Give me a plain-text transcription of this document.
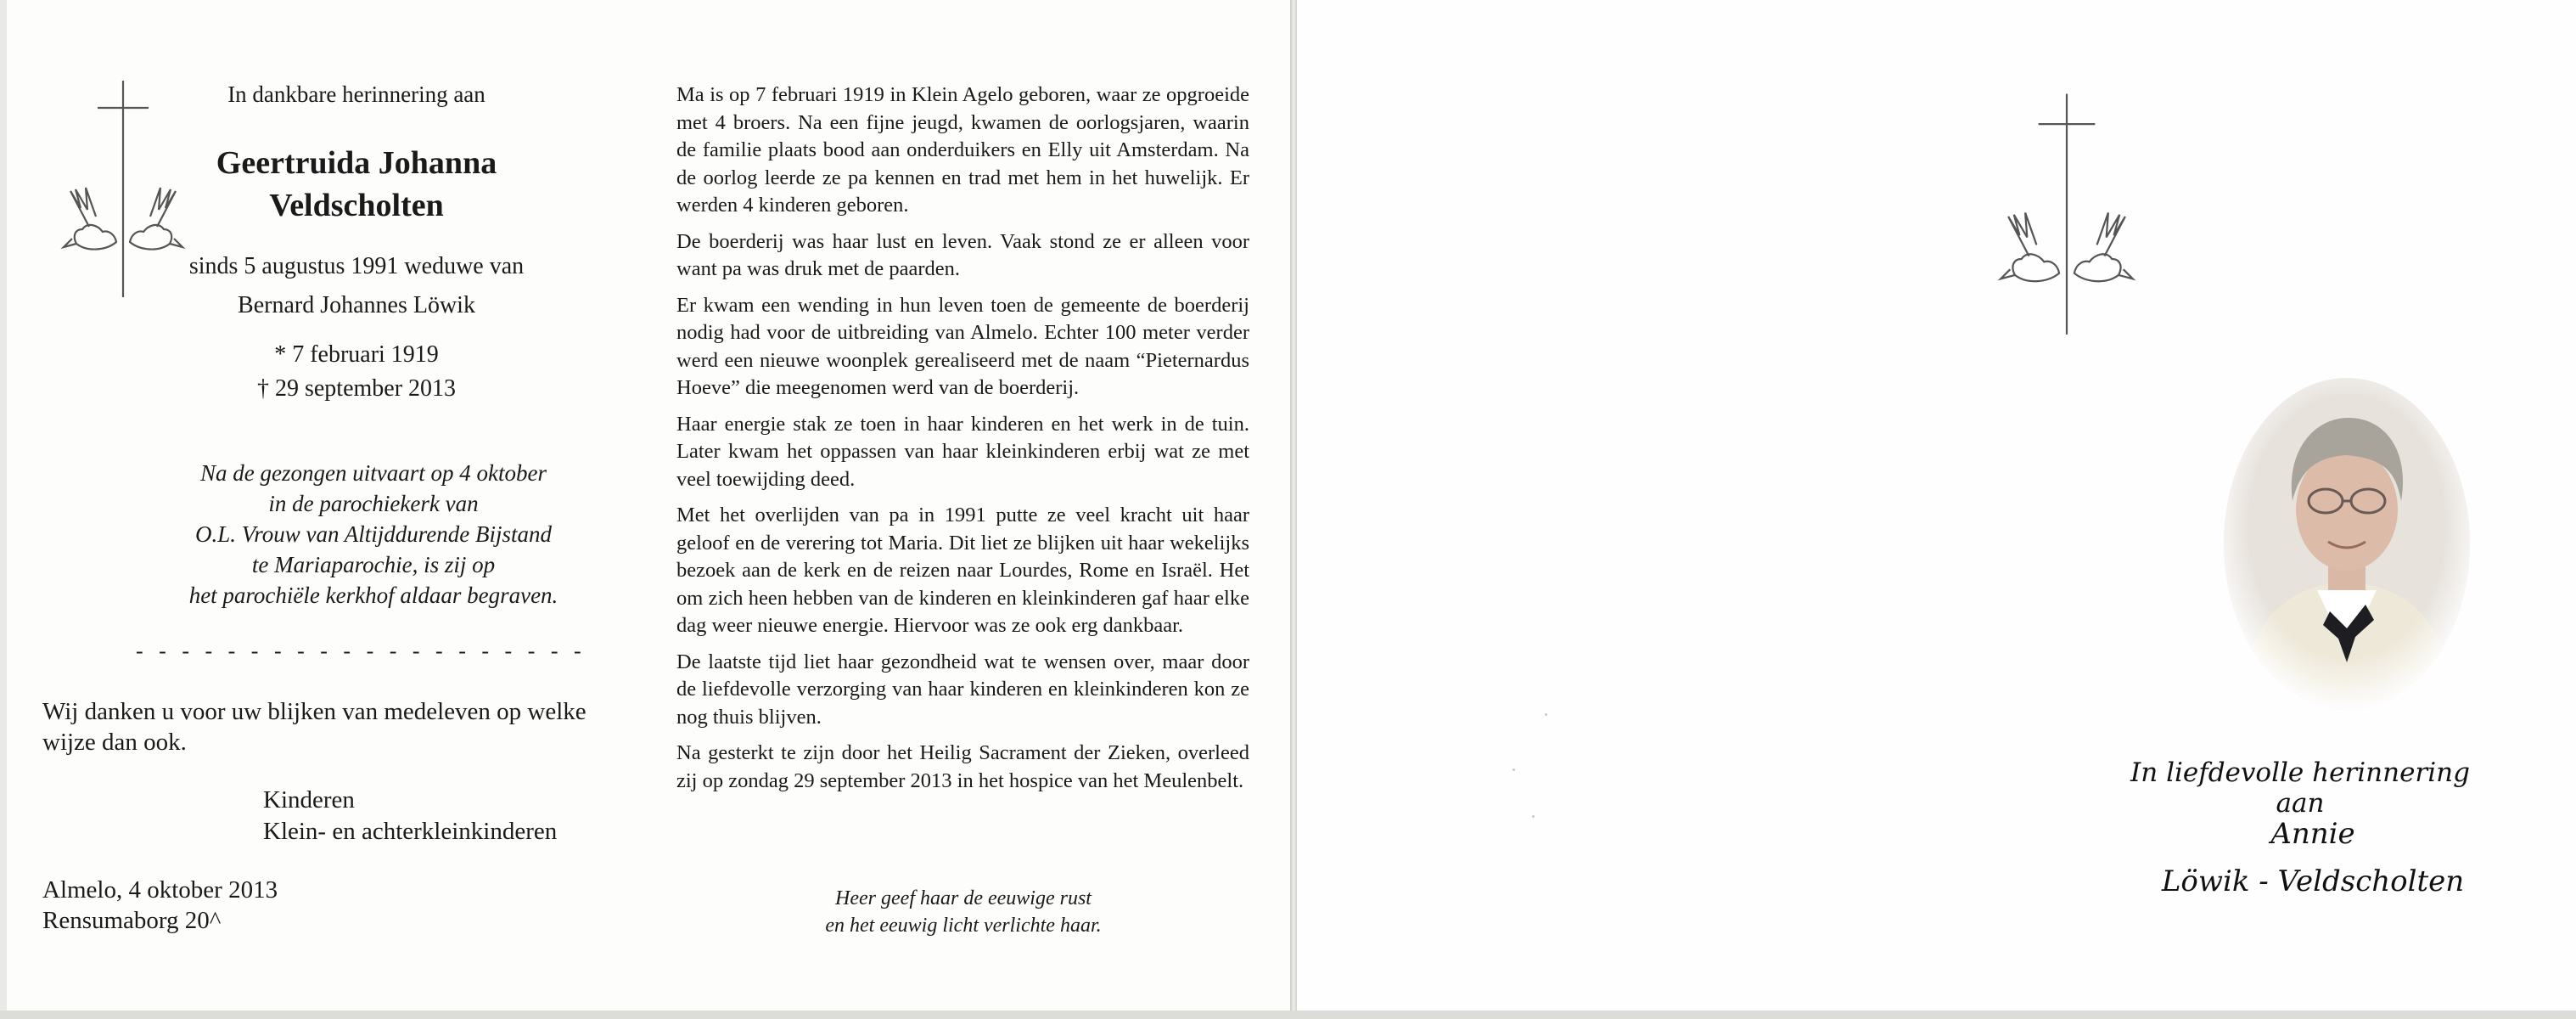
In dankbare herinnering aan
Geertruida Johanna
Veldscholten
sinds 5 augustus 1991 weduwe van
Bernard Johannes Löwik
* 7 februari 1919
† 29 september 2013
Na de gezongen uitvaart op 4 oktober
in de parochiekerk van
O.L. Vrouw van Altijddurende Bijstand
te Mariaparochie, is zij op
het parochiële kerkhof aldaar begraven.
- - - - - - - - - - - - - - - - - - - -
Wij danken u voor uw blijken van medeleven op welke wijze dan ook.
Kinderen
Klein- en achterkleinkinderen
Almelo, 4 oktober 2013
Rensumaborg 20^

Ma is op 7 februari 1919 in Klein Agelo geboren, waar ze opgroeide met 4 broers. Na een fijne jeugd, kwamen de oorlogsjaren, waarin de familie plaats bood aan onderduikers en Elly uit Amsterdam. Na de oorlog leerde ze pa kennen en trad met hem in het huwelijk. Er werden 4 kinderen geboren.

De boerderij was haar lust en leven. Vaak stond ze er alleen voor want pa was druk met de paarden.

Er kwam een wending in hun leven toen de gemeente de boerderij nodig had voor de uitbreiding van Almelo. Echter 100 meter verder werd een nieuwe woonplek gerealiseerd met de naam “Pieternardus Hoeve” die meegenomen werd van de boerderij.

Haar energie stak ze toen in haar kinderen en het werk in de tuin. Later kwam het oppassen van haar kleinkinderen erbij wat ze met veel toewijding deed.

Met het overlijden van pa in 1991 putte ze veel kracht uit haar geloof en de verering tot Maria. Dit liet ze blijken uit haar wekelijks bezoek aan de kerk en de reizen naar Lourdes, Rome en Israël. Het om zich heen hebben van de kinderen en kleinkinderen gaf haar elke dag weer nieuwe energie. Hiervoor was ze ook erg dankbaar.

De laatste tijd liet haar gezondheid wat te wensen over, maar door de liefdevolle verzorging van haar kinderen en kleinkinderen kon ze nog thuis blijven.

Na gesterkt te zijn door het Heilig Sacrament der Zieken, overleed zij op zondag 29 september 2013 in het hospice van het Meulenbelt.

Heer geef haar de eeuwige rust
en het eeuwig licht verlichte haar.
In liefdevolle herinnering aan
Annie
Löwik - Veldscholten
